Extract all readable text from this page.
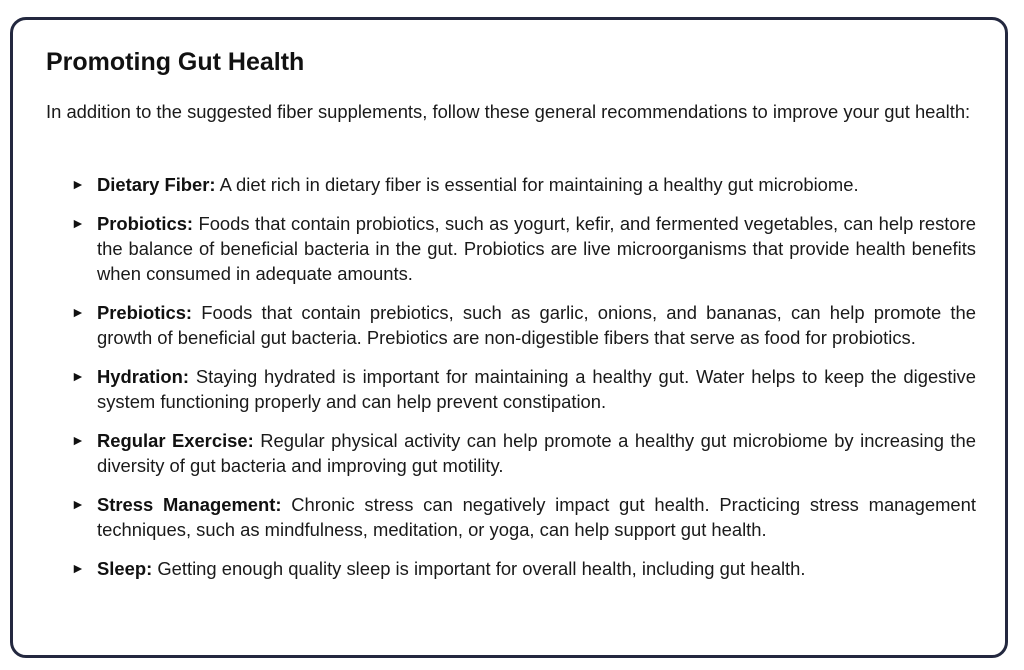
Promoting Gut Health

In addition to the suggested fiber supplements, follow these general recommendations to improve your gut health:

► Dietary Fiber: A diet rich in dietary fiber is essential for maintaining a healthy gut microbiome.
► Probiotics: Foods that contain probiotics, such as yogurt, kefir, and fermented vegetables, can help restore the balance of beneficial bacteria in the gut. Probiotics are live microorganisms that provide health benefits when consumed in adequate amounts.
► Prebiotics: Foods that contain prebiotics, such as garlic, onions, and bananas, can help promote the growth of beneficial gut bacteria. Prebiotics are non-digestible fibers that serve as food for probiotics.
► Hydration: Staying hydrated is important for maintaining a healthy gut. Water helps to keep the digestive system functioning properly and can help prevent constipation.
► Regular Exercise: Regular physical activity can help promote a healthy gut microbiome by increasing the diversity of gut bacteria and improving gut motility.
► Stress Management: Chronic stress can negatively impact gut health. Practicing stress management techniques, such as mindfulness, meditation, or yoga, can help support gut health.
► Sleep: Getting enough quality sleep is important for overall health, including gut health.
